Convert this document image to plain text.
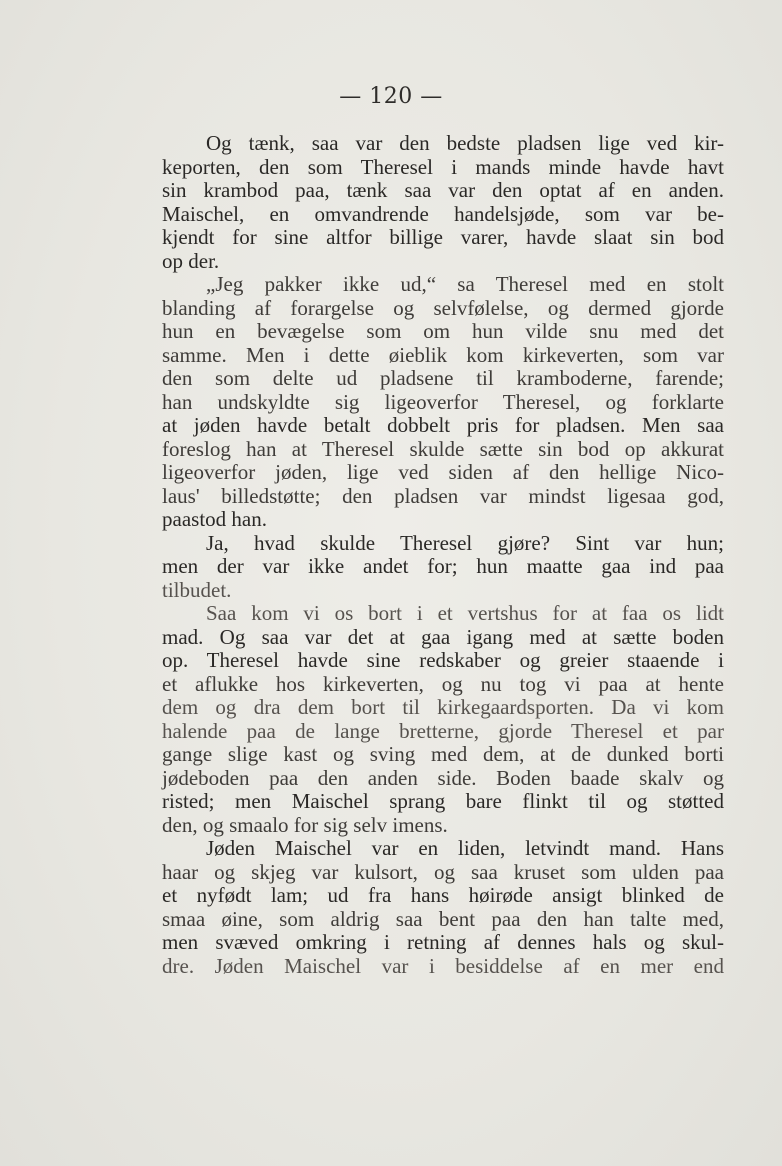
— 120 —
Og tænk, saa var den bedste pladsen lige ved kir-
keporten, den som Theresel i mands minde havde havt
sin krambod paa, tænk saa var den optat af en anden.
Maischel, en omvandrende handelsjøde, som var be-
kjendt for sine altfor billige varer, havde slaat sin bod
op der.
„Jeg pakker ikke ud,“ sa Theresel med en stolt
blanding af forargelse og selvfølelse, og dermed gjorde
hun en bevægelse som om hun vilde snu med det
samme. Men i dette øieblik kom kirkeverten, som var
den som delte ud pladsene til kramboderne, farende;
han undskyldte sig ligeoverfor Theresel, og forklarte
at jøden havde betalt dobbelt pris for pladsen. Men saa
foreslog han at Theresel skulde sætte sin bod op akkurat
ligeoverfor jøden, lige ved siden af den hellige Nico-
laus' billedstøtte; den pladsen var mindst ligesaa god,
paastod han.
Ja, hvad skulde Theresel gjøre? Sint var hun;
men der var ikke andet for; hun maatte gaa ind paa
tilbudet.
Saa kom vi os bort i et vertshus for at faa os lidt
mad. Og saa var det at gaa igang med at sætte boden
op. Theresel havde sine redskaber og greier staaende i
et aflukke hos kirkeverten, og nu tog vi paa at hente
dem og dra dem bort til kirkegaardsporten. Da vi kom
halende paa de lange bretterne, gjorde Theresel et par
gange slige kast og sving med dem, at de dunked borti
jødeboden paa den anden side. Boden baade skalv og
risted; men Maischel sprang bare flinkt til og støtted
den, og smaalo for sig selv imens.
Jøden Maischel var en liden, letvindt mand. Hans
haar og skjeg var kulsort, og saa kruset som ulden paa
et nyfødt lam; ud fra hans høirøde ansigt blinked de
smaa øine, som aldrig saa bent paa den han talte med,
men svæved omkring i retning af dennes hals og skul-
dre. Jøden Maischel var i besiddelse af en mer end
